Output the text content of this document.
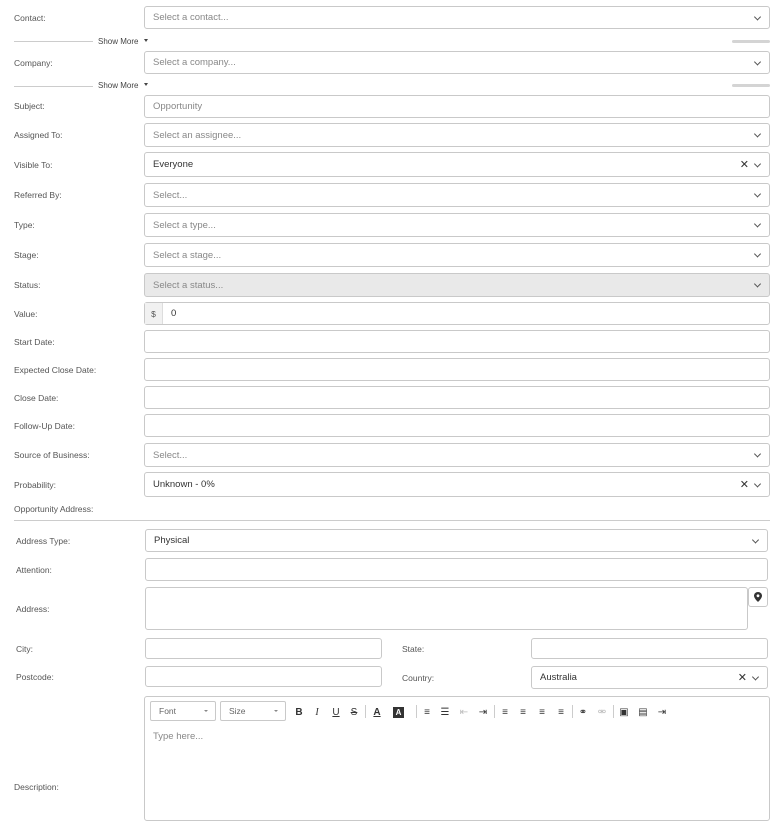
Contact:	Select a contact...
Show More
Company:	Select a company...
Show More
Subject:	Opportunity
Assigned To:	Select an assignee...
Visible To:	Everyone	✕
Referred By:	Select...
Type:	Select a type...
Stage:	Select a stage...
Status:	Select a status...
Value:	$	0
Start Date:
Expected Close Date:
Close Date:
Follow-Up Date:
Source of Business:	Select...
Probability:	Unknown - 0%	✕
Opportunity Address:
Address Type:	Physical
Attention:
Address:
City:	State:
Postcode:	Country:	Australia	✕
Description:
Type here...
Font	Size	B	I	U	S	A	A	≡	☰ ⇤ ⇥	≡	≡	≡	≡	⚭ ⚮ ▣ ▤ ⇥
